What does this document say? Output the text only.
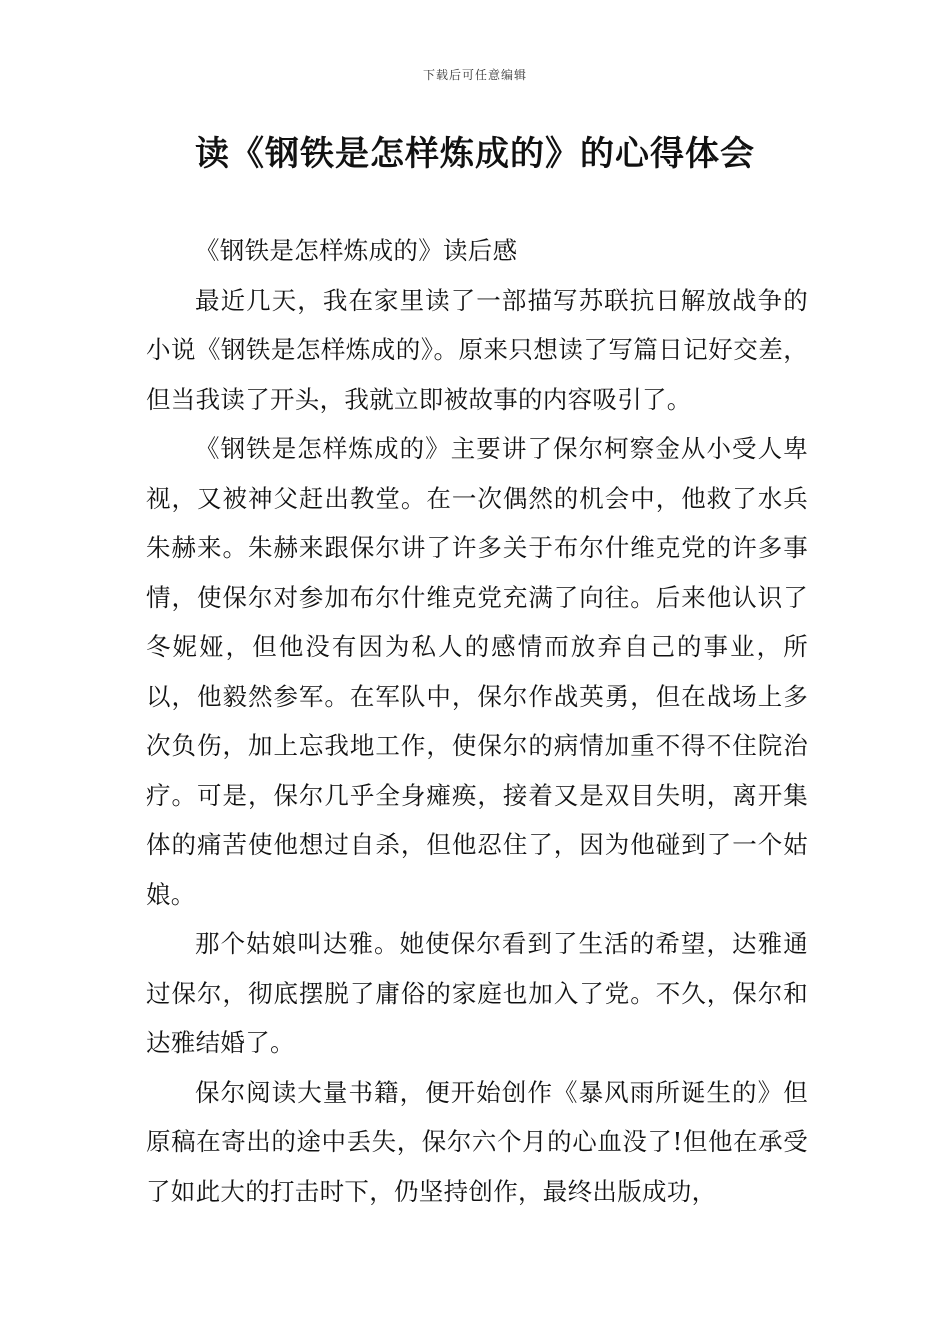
下载后可任意编辑
读《钢铁是怎样炼成的》的心得体会

《钢铁是怎样炼成的》读后感

最近几天，我在家里读了一部描写苏联抗日解放战争的小说《钢铁是怎样炼成的》。原来只想读了写篇日记好交差，但当我读了开头，我就立即被故事的内容吸引了。

《钢铁是怎样炼成的》主要讲了保尔柯察金从小受人卑视，又被神父赶出教堂。在一次偶然的机会中，他救了水兵朱赫来。朱赫来跟保尔讲了许多关于布尔什维克党的许多事情，使保尔对参加布尔什维克党充满了向往。后来他认识了冬妮娅，但他没有因为私人的感情而放弃自己的事业，所以，他毅然参军。在军队中，保尔作战英勇，但在战场上多次负伤，加上忘我地工作，使保尔的病情加重不得不住院治疗。可是，保尔几乎全身瘫痪，接着又是双目失明，离开集体的痛苦使他想过自杀，但他忍住了，因为他碰到了一个姑娘。

那个姑娘叫达雅。她使保尔看到了生活的希望，达雅通过保尔，彻底摆脱了庸俗的家庭也加入了党。不久，保尔和达雅结婚了。

保尔阅读大量书籍，便开始创作《暴风雨所诞生的》但原稿在寄出的途中丢失，保尔六个月的心血没了!但他在承受了如此大的打击时下，仍坚持创作，最终出版成功，
